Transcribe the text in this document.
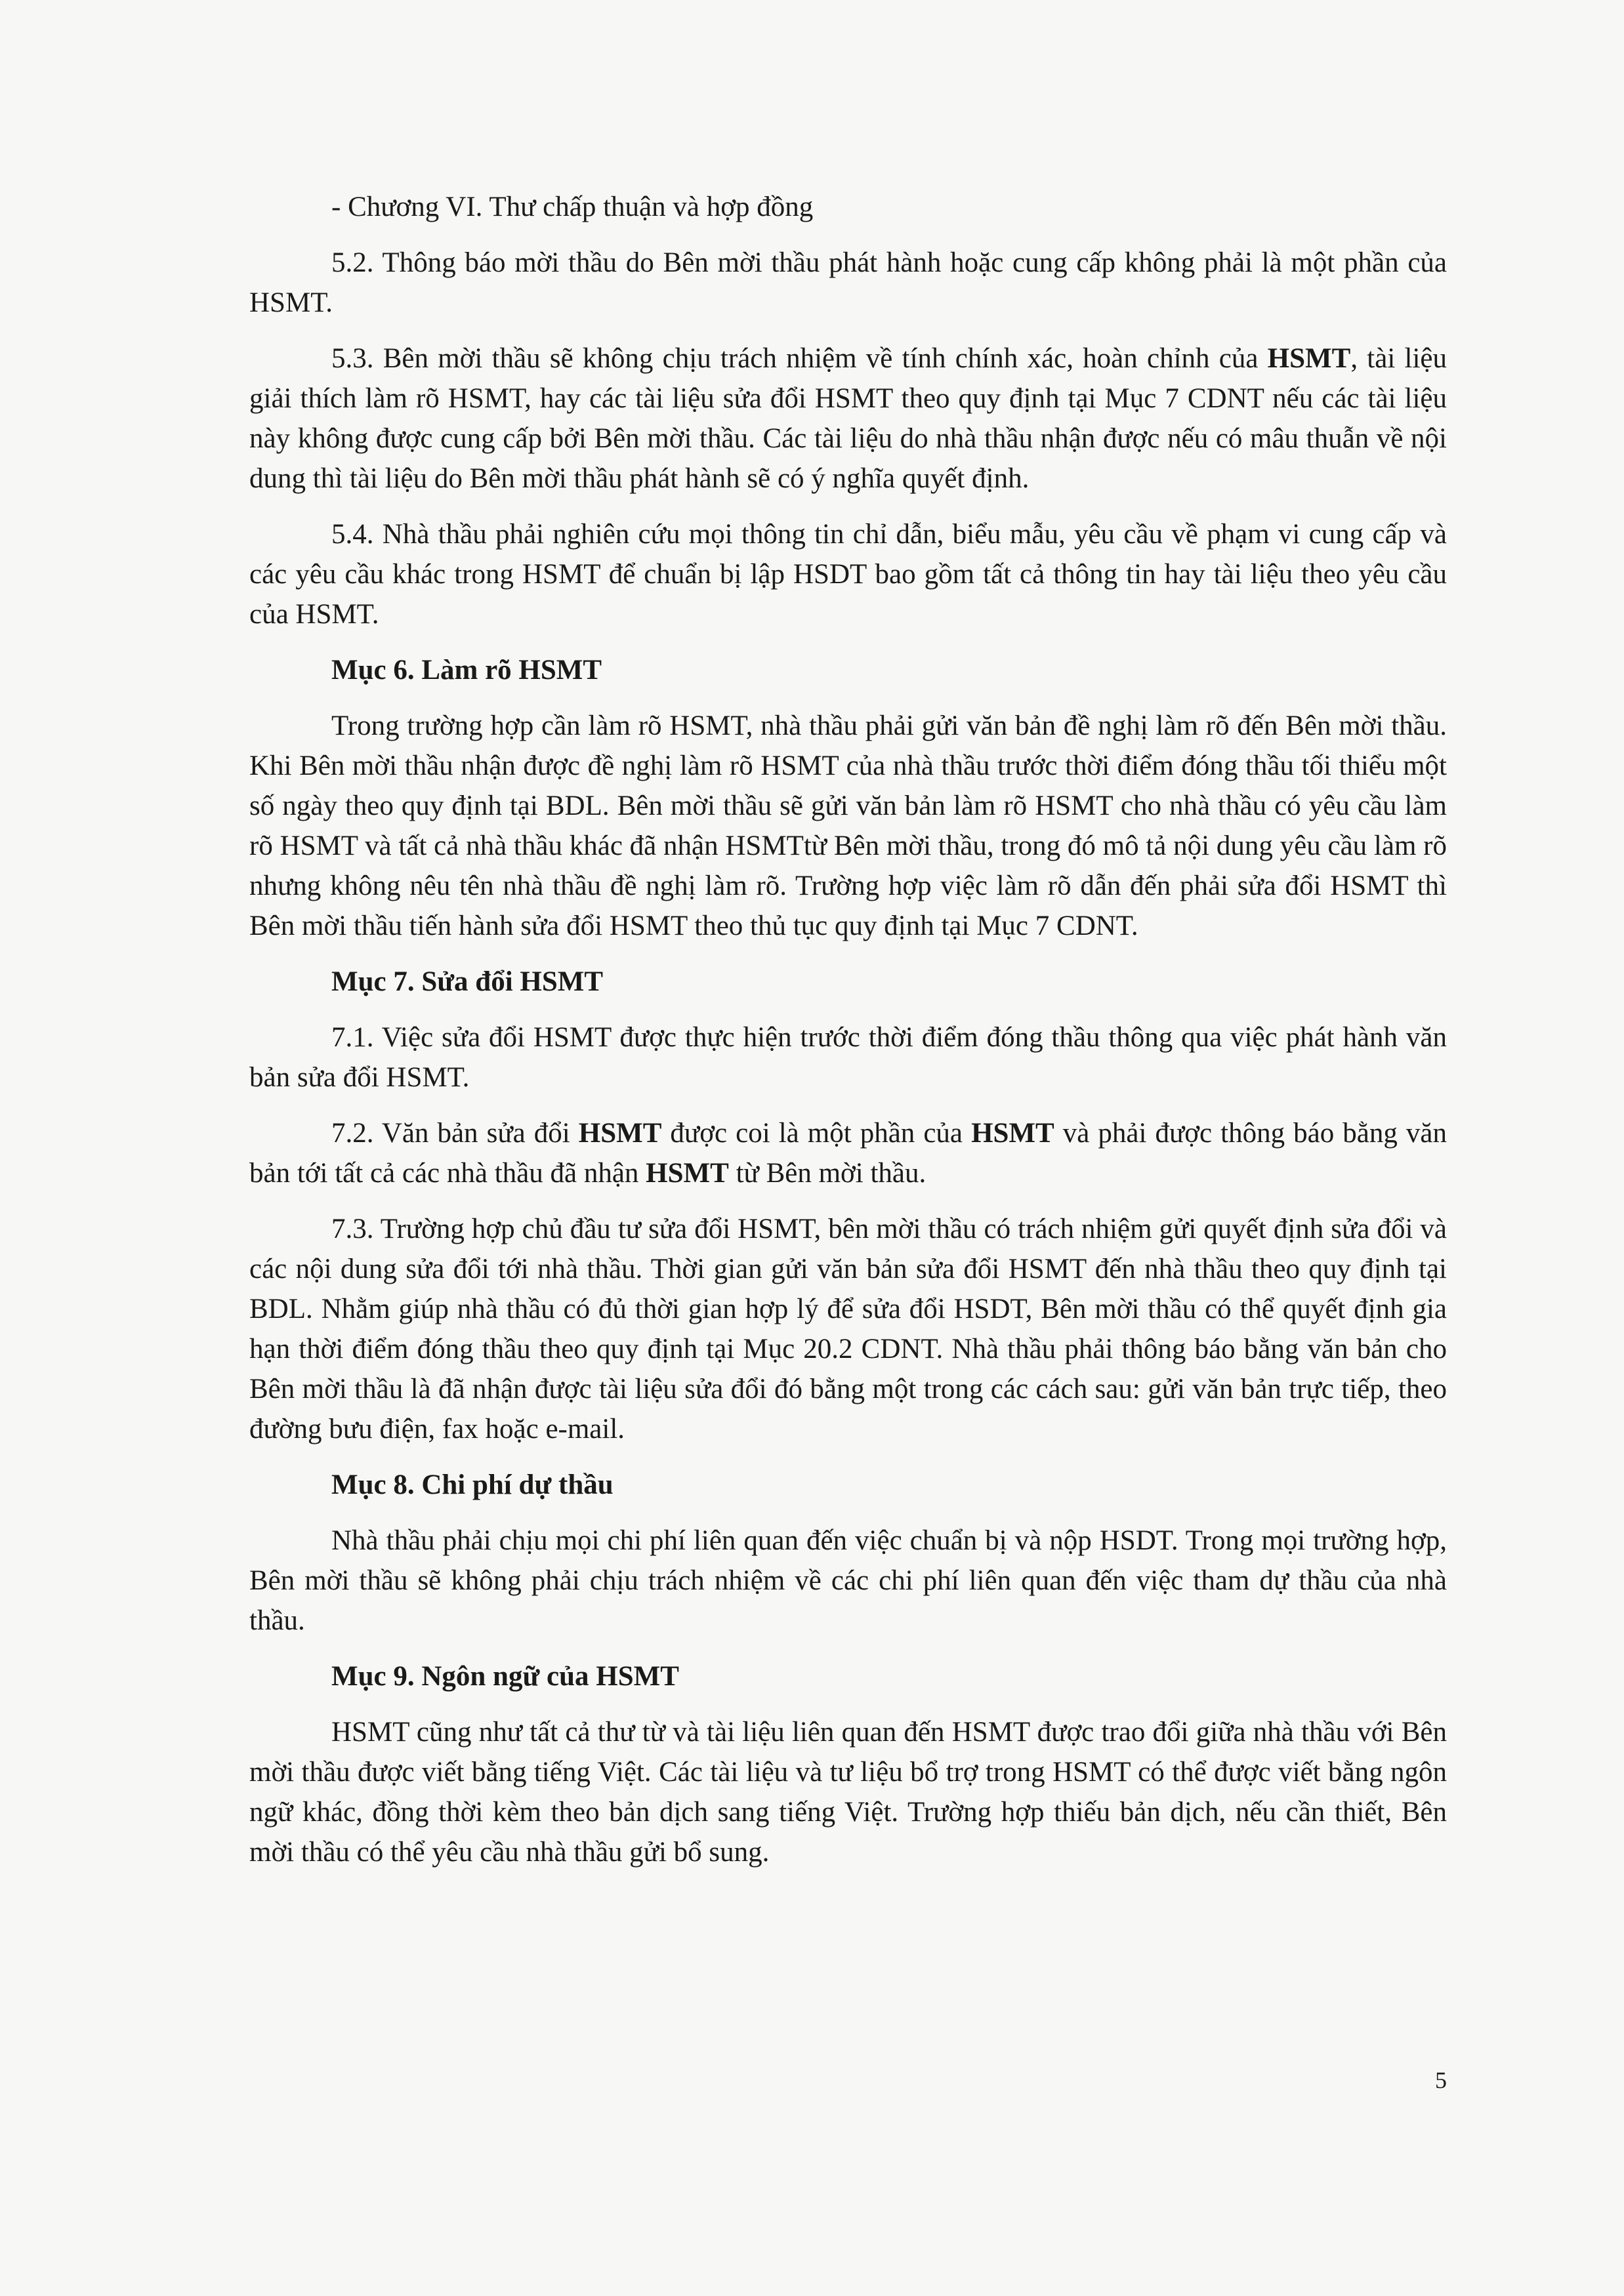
- Chương VI. Thư chấp thuận và hợp đồng

5.2. Thông báo mời thầu do Bên mời thầu phát hành hoặc cung cấp không phải là một phần của HSMT.

5.3. Bên mời thầu sẽ không chịu trách nhiệm về tính chính xác, hoàn chỉnh của HSMT, tài liệu giải thích làm rõ HSMT, hay các tài liệu sửa đổi HSMT theo quy định tại Mục 7 CDNT nếu các tài liệu này không được cung cấp bởi Bên mời thầu. Các tài liệu do nhà thầu nhận được nếu có mâu thuẫn về nội dung thì tài liệu do Bên mời thầu phát hành sẽ có ý nghĩa quyết định.

5.4. Nhà thầu phải nghiên cứu mọi thông tin chỉ dẫn, biểu mẫu, yêu cầu về phạm vi cung cấp và các yêu cầu khác trong HSMT để chuẩn bị lập HSDT bao gồm tất cả thông tin hay tài liệu theo yêu cầu của HSMT.

Mục 6. Làm rõ HSMT

Trong trường hợp cần làm rõ HSMT, nhà thầu phải gửi văn bản đề nghị làm rõ đến Bên mời thầu. Khi Bên mời thầu nhận được đề nghị làm rõ HSMT của nhà thầu trước thời điểm đóng thầu tối thiểu một số ngày theo quy định tại BDL. Bên mời thầu sẽ gửi văn bản làm rõ HSMT cho nhà thầu có yêu cầu làm rõ HSMT và tất cả nhà thầu khác đã nhận HSMTtừ Bên mời thầu, trong đó mô tả nội dung yêu cầu làm rõ nhưng không nêu tên nhà thầu đề nghị làm rõ. Trường hợp việc làm rõ dẫn đến phải sửa đổi HSMT thì Bên mời thầu tiến hành sửa đổi HSMT theo thủ tục quy định tại Mục 7 CDNT.

Mục 7. Sửa đổi HSMT

7.1. Việc sửa đổi HSMT được thực hiện trước thời điểm đóng thầu thông qua việc phát hành văn bản sửa đổi HSMT.

7.2. Văn bản sửa đổi HSMT được coi là một phần của HSMT và phải được thông báo bằng văn bản tới tất cả các nhà thầu đã nhận HSMT từ Bên mời thầu.

7.3. Trường hợp chủ đầu tư sửa đổi HSMT, bên mời thầu có trách nhiệm gửi quyết định sửa đổi và các nội dung sửa đổi tới nhà thầu. Thời gian gửi văn bản sửa đổi HSMT đến nhà thầu theo quy định tại BDL. Nhằm giúp nhà thầu có đủ thời gian hợp lý để sửa đổi HSDT, Bên mời thầu có thể quyết định gia hạn thời điểm đóng thầu theo quy định tại Mục 20.2 CDNT. Nhà thầu phải thông báo bằng văn bản cho Bên mời thầu là đã nhận được tài liệu sửa đổi đó bằng một trong các cách sau: gửi văn bản trực tiếp, theo đường bưu điện, fax hoặc e-mail.

Mục 8. Chi phí dự thầu

Nhà thầu phải chịu mọi chi phí liên quan đến việc chuẩn bị và nộp HSDT. Trong mọi trường hợp, Bên mời thầu sẽ không phải chịu trách nhiệm về các chi phí liên quan đến việc tham dự thầu của nhà thầu.

Mục 9. Ngôn ngữ của HSMT

HSMT cũng như tất cả thư từ và tài liệu liên quan đến HSMT được trao đổi giữa nhà thầu với Bên mời thầu được viết bằng tiếng Việt. Các tài liệu và tư liệu bổ trợ trong HSMT có thể được viết bằng ngôn ngữ khác, đồng thời kèm theo bản dịch sang tiếng Việt. Trường hợp thiếu bản dịch, nếu cần thiết, Bên mời thầu có thể yêu cầu nhà thầu gửi bổ sung.

5
